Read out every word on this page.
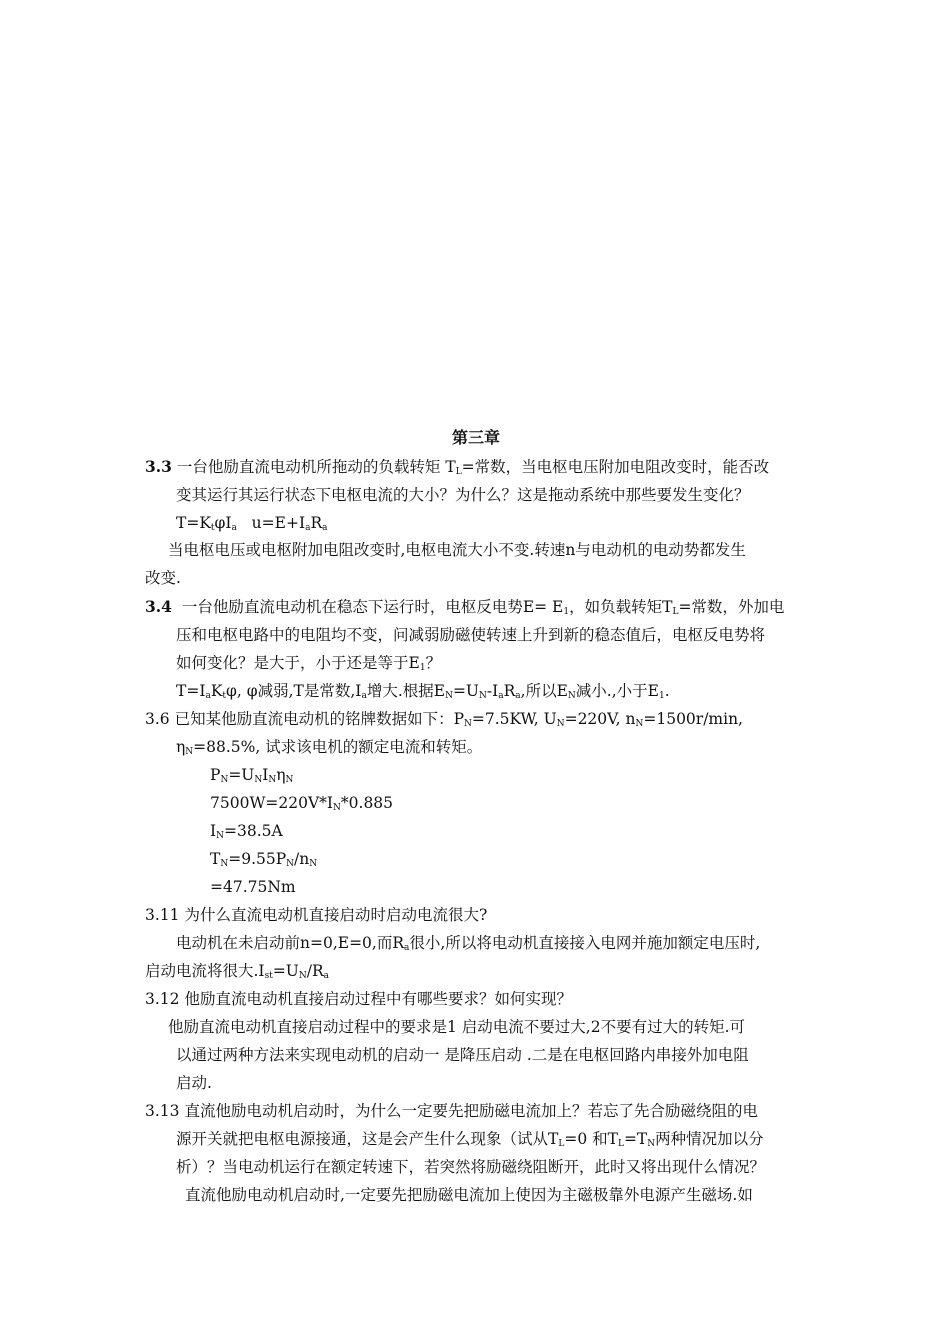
第三章
3.3 一台他励直流电动机所拖动的负载转矩 $T_L=$常数，当电枢电压附加电阻改变时，能否改
变其运行其运行状态下电枢电流的大小？为什么？这是拖动系统中那些要发生变化？
$T=K_t\varphi I_a$ $u=E+I_aR_a$
当电枢电压或电枢附加电阻改变时,电枢电流大小不变.转速n与电动机的电动势都发生
改变.
3.4 一台他励直流电动机在稳态下运行时，电枢反电势$E= E_1$，如负载转矩$T_L=$常数，外加电
压和电枢电路中的电阻均不变，问减弱励磁使转速上升到新的稳态值后，电枢反电势将
如何变化？是大于，小于还是等于$E_1$？
$T=I_aK_t\varphi$, φ减弱,T是常数$,I_a$增大.根据$E_N=U_N-I_aR_a$,所以$E_N$减小.,小于$E_1$.
3.6 已知某他励直流电动机的铭牌数据如下：$P_N=7.5KW$, $U_N=220V$, $n_N=1500r/\min$,
$\eta_N=88.5\%$, 试求该电机的额定电流和转矩。
$P_N=U_NI_N\eta_N$
$7500W=220V*I_N*0.885$
$I_N=38.5A$
$T_N=9.55P_N/n_N$
=47.75Nm
3.11 为什么直流电动机直接启动时启动电流很大?
电动机在未启动前n=0,E=0,而$R_a$很小,所以将电动机直接接入电网并施加额定电压时,
启动电流将很大$.I_{st}=U_N/R_a$
3.12 他励直流电动机直接启动过程中有哪些要求？如何实现？
他励直流电动机直接启动过程中的要求是1 启动电流不要过大,2不要有过大的转矩.可
以通过两种方法来实现电动机的启动一 是降压启动 .二是在电枢回路内串接外加电阻
启动.
3.13 直流他励电动机启动时，为什么一定要先把励磁电流加上？若忘了先合励磁绕阻的电
源开关就把电枢电源接通，这是会产生什么现象（试从$T_L=0$ 和$T_L=T_N$两种情况加以分
析）？当电动机运行在额定转速下，若突然将励磁绕阻断开，此时又将出现什么情况？
直流他励电动机启动时,一定要先把励磁电流加上使因为主磁极靠外电源产生磁场.如
